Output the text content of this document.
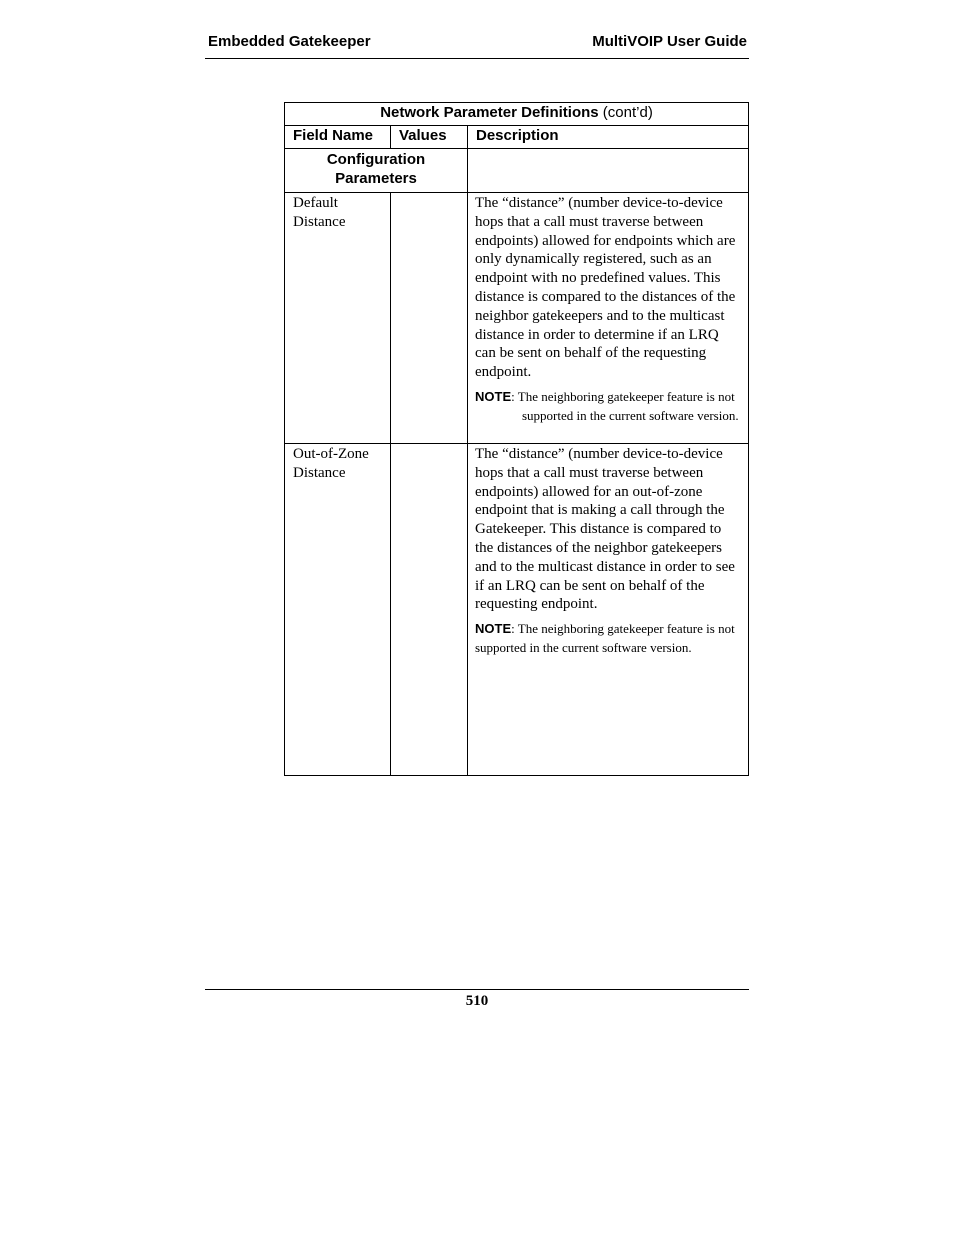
Embedded Gatekeeper	MultiVOIP User Guide
Network Parameter Definitions (cont’d)		
Field Name	Values	Description
Configuration Parameters		
Default Distance		The “distance” (number device-to-device hops that a call must traverse between endpoints) allowed for endpoints which are only dynamically registered, such as an endpoint with no predefined values. This distance is compared to the distances of the neighbor gatekeepers and to the multicast distance in order to determine if an LRQ can be sent on behalf of the requesting endpoint.

NOTE: The neighboring gatekeeper feature is not supported in the current software version.

Out-of-Zone Distance		The “distance” (number device-to-device hops that a call must traverse between endpoints) allowed for an out-of-zone endpoint that is making a call through the Gatekeeper. This distance is compared to the distances of the neighbor gatekeepers and to the multicast distance in order to see if an LRQ can be sent on behalf of the requesting endpoint.

NOTE: The neighboring gatekeeper feature is not supported in the current software version.

510
